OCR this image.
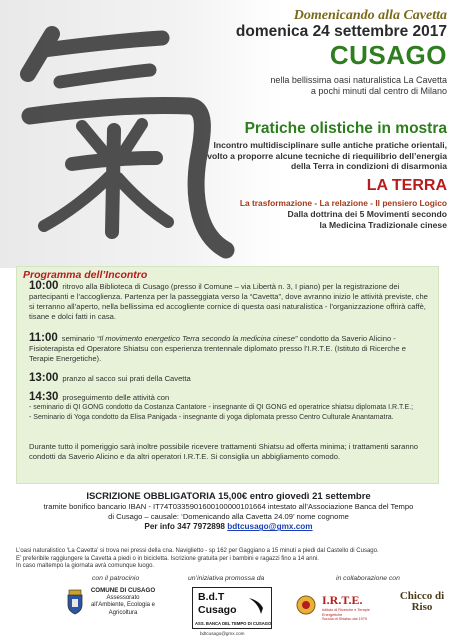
Domenicando alla Cavetta
domenica 24 settembre 2017
CUSAGO
nella bellissima oasi naturalistica La Cavetta
a pochi minuti dal centro di Milano
Pratiche olistiche in mostra
Incontro multidisciplinare sulle antiche pratiche orientali,
volto a proporre alcune tecniche di riequilibrio dell’energia
della Terra in condizioni di disarmonia
LA TERRA
La trasformazione - La relazione - Il pensiero Logico
Dalla dottrina dei 5 Movimenti secondo
la Medicina Tradizionale cinese
Programma dell’Incontro
10:00 ritrovo alla Biblioteca di Cusago (presso il Comune – via Libertà n. 3, I piano) per la registrazione dei partecipanti e l’accoglienza. Partenza per la passeggiata verso la “Cavetta”, dove avranno inizio le attività previste, che si terranno all’aperto, nella bellissima ed accogliente cornice di questa oasi naturalistica - l’organizzazione offrirà caffè, tisane e dolci fatti in casa.
11:00 seminario “Il movimento energetico Terra secondo la medicina cinese” condotto da Saverio Alicino - Fisioterapista ed Operatore Shiatsu con esperienza trentennale diplomato presso l’I.R.T.E. (Istituto di Ricerche e Terapie Energetiche).
13:00 pranzo al sacco sui prati della Cavetta
14:30 proseguimento delle attività con
- seminario di QI GONG condotto da Costanza Cantatore - insegnante di QI GONG ed operatrice shiatsu diplomata I.R.T.E.;
- Seminario di Yoga condotto da Elisa Panigada - insegnante di yoga diplomata presso Centro Culturale Anantamatra.
Durante tutto il pomeriggio sarà inoltre possibile ricevere trattamenti Shiatsu ad offerta minima; i trattamenti saranno condotti da Saverio Alicino e da altri operatori I.R.T.E. Si consiglia un abbigliamento comodo.
ISCRIZIONE OBBLIGATORIA 15,00€ entro giovedì 21 settembre
tramite bonifico bancario IBAN - IT74T0335901600100000101664 intestato all’Associazione Banca del Tempo
di Cusago – causale: ‘Domenicando alla Cavetta 24.09’ nome cognome
Per info 347 7972898 bdtcusago@gmx.com
L’oasi naturalistico ‘La Cavetta’ si trova nei pressi della cna. Naviglietto - sp 162 per Gaggiano a 15 minuti a piedi dal Castello di Cusago.
E’ preferibile raggiungere la Cavetta a piedi o in bicicletta. Iscrizione gratuita per i bambini e ragazzi fino a 14 anni.
In caso maltempo la giornata avrà comunque luogo.
con il patrocinio	un’iniziativa promossa da	in collaborazione con
COMUNE DI CUSAGO
Assessorato
all’Ambiente, Ecologia e
Agricoltura
B.d.T
Cusago
ASS. BANCA DEL TEMPO DI CUSAGO
bdtcusago@gmx.com
I.R.T.E.
Istituto di Ricerche e Terapie Energetiche
Scuola di Shiatsu dal 1979
Chicco di
Riso
